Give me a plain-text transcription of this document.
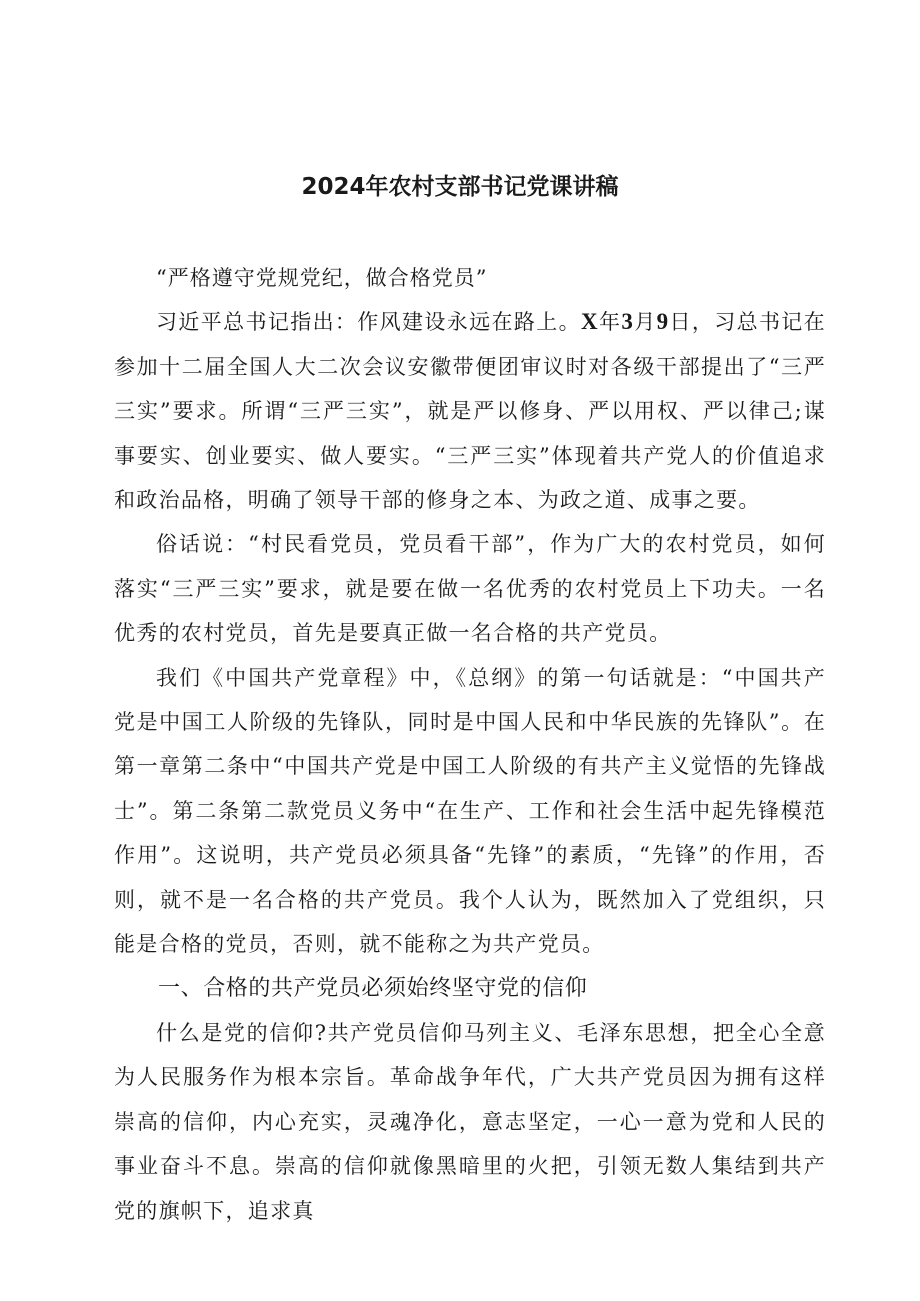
2024年农村支部书记党课讲稿

“严格遵守党规党纪，做合格党员”

习近平总书记指出：作风建设永远在路上。X年3月9日，习总书记在参加十二届全国人大二次会议安徽带便团审议时对各级干部提出了“三严三实”要求。所谓“三严三实”，就是严以修身、严以用权、严以律己;谋事要实、创业要实、做人要实。“三严三实”体现着共产党人的价值追求和政治品格，明确了领导干部的修身之本、为政之道、成事之要。

俗话说：“村民看党员，党员看干部”，作为广大的农村党员，如何落实“三严三实”要求，就是要在做一名优秀的农村党员上下功夫。一名优秀的农村党员，首先是要真正做一名合格的共产党员。

我们《中国共产党章程》中，《总纲》的第一句话就是：“中国共产党是中国工人阶级的先锋队，同时是中国人民和中华民族的先锋队”。在第一章第二条中“中国共产党是中国工人阶级的有共产主义觉悟的先锋战士”。第二条第二款党员义务中“在生产、工作和社会生活中起先锋模范作用”。这说明，共产党员必须具备“先锋”的素质，“先锋”的作用，否则，就不是一名合格的共产党员。我个人认为，既然加入了党组织，只能是合格的党员，否则，就不能称之为共产党员。

一、合格的共产党员必须始终坚守党的信仰

什么是党的信仰?共产党员信仰马列主义、毛泽东思想，把全心全意为人民服务作为根本宗旨。革命战争年代，广大共产党员因为拥有这样崇高的信仰，内心充实，灵魂净化，意志坚定，一心一意为党和人民的事业奋斗不息。崇高的信仰就像黑暗里的火把，引领无数人集结到共产党的旗帜下，追求真
